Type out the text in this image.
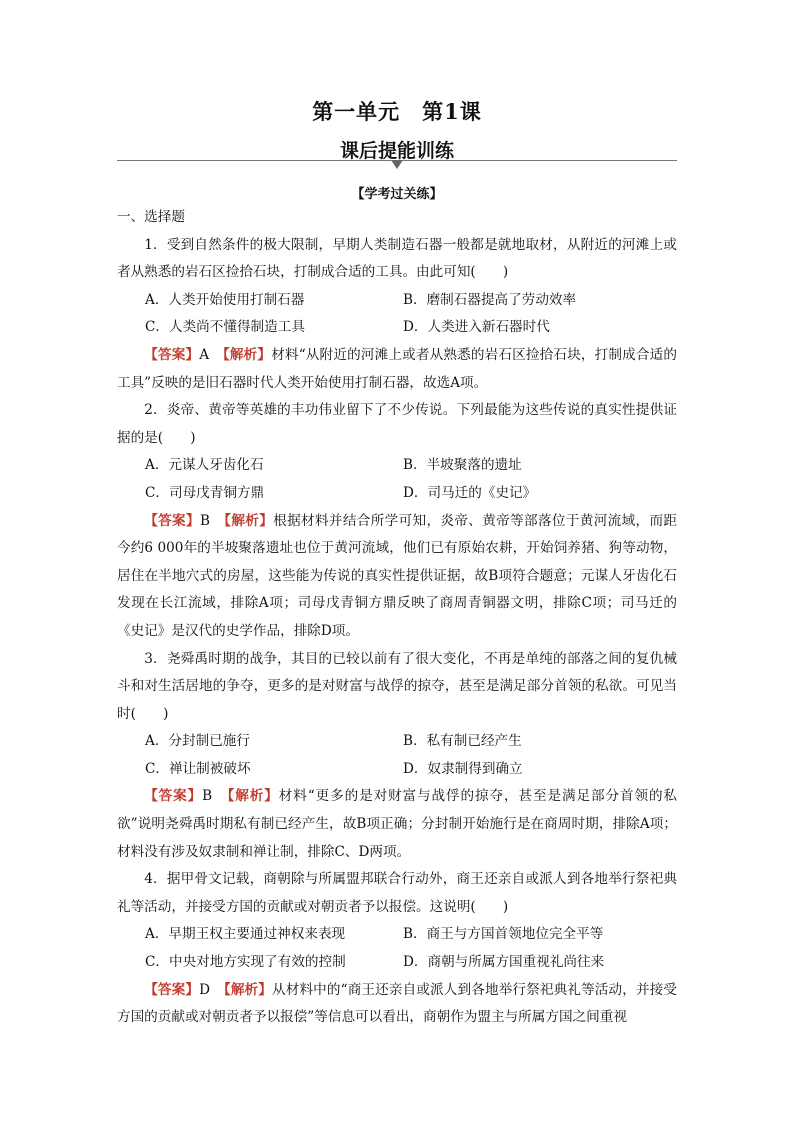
第一单元　第1课
课后提能训练
【学考过关练】

一、选择题

1．受到自然条件的极大限制，早期人类制造石器一般都是就地取材，从附近的河滩上或者从熟悉的岩石区捡拾石块，打制成合适的工具。由此可知(　　)

A．人类开始使用打制石器	B．磨制石器提高了劳动效率
C．人类尚不懂得制造工具	D．人类进入新石器时代

【答案】A　 【解析】材料“从附近的河滩上或者从熟悉的岩石区捡拾石块，打制成合适的工具”反映的是旧石器时代人类开始使用打制石器，故选A项。

2．炎帝、黄帝等英雄的丰功伟业留下了不少传说。下列最能为这些传说的真实性提供证据的是(　　)

A．元谋人牙齿化石	B．半坡聚落的遗址
C．司母戊青铜方鼎	D．司马迁的《史记》

【答案】B　 【解析】根据材料并结合所学可知，炎帝、黄帝等部落位于黄河流域，而距今约6 000年的半坡聚落遗址也位于黄河流域，他们已有原始农耕，开始饲养猪、狗等动物，居住在半地穴式的房屋，这些能为传说的真实性提供证据，故B项符合题意；元谋人牙齿化石发现在长江流域，排除A项；司母戊青铜方鼎反映了商周青铜器文明，排除C项；司马迁的《史记》是汉代的史学作品，排除D项。

3．尧舜禹时期的战争，其目的已较以前有了很大变化，不再是单纯的部落之间的复仇械斗和对生活居地的争夺，更多的是对财富与战俘的掠夺，甚至是满足部分首领的私欲。可见当时(　　)

A．分封制已施行	B．私有制已经产生
C．禅让制被破坏	D．奴隶制得到确立

【答案】B　 【解析】材料“更多的是对财富与战俘的掠夺，甚至是满足部分首领的私欲”说明尧舜禹时期私有制已经产生，故B项正确；分封制开始施行是在商周时期，排除A项；材料没有涉及奴隶制和禅让制，排除C、D两项。

4．据甲骨文记载，商朝除与所属盟邦联合行动外，商王还亲自或派人到各地举行祭祀典礼等活动，并接受方国的贡献或对朝贡者予以报偿。这说明(　　)

A．早期王权主要通过神权来表现	B．商王与方国首领地位完全平等
C．中央对地方实现了有效的控制	D．商朝与所属方国重视礼尚往来

【答案】D　 【解析】从材料中的“商王还亲自或派人到各地举行祭祀典礼等活动，并接受方国的贡献或对朝贡者予以报偿”等信息可以看出，商朝作为盟主与所属方国之间重视
